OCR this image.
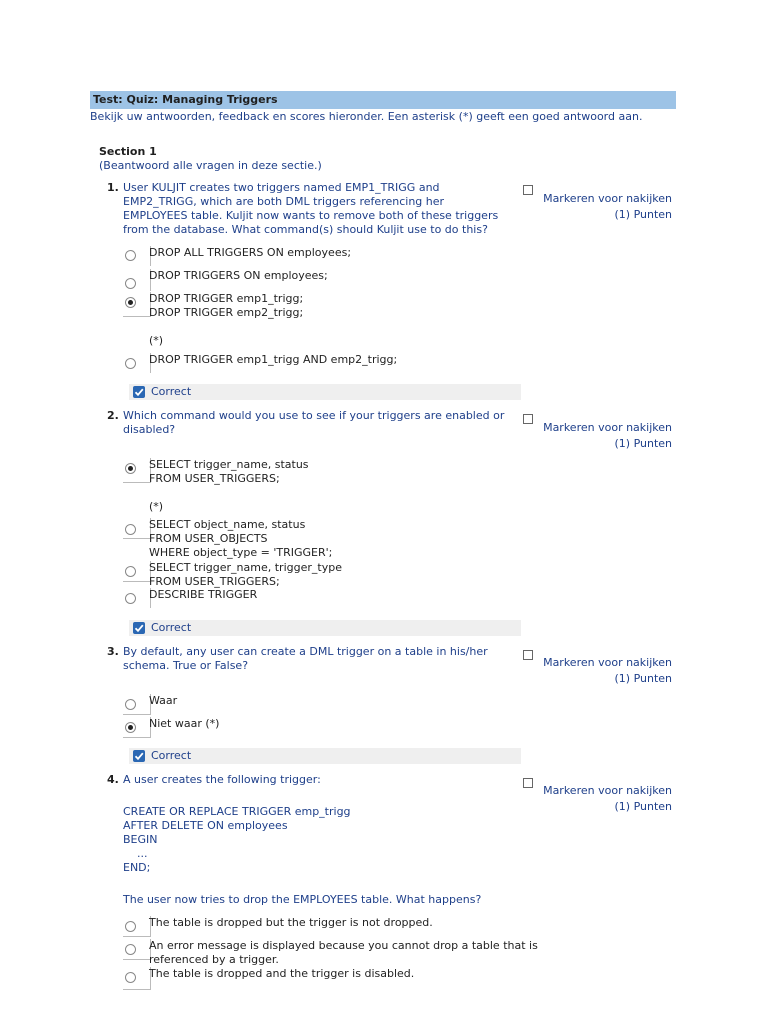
Test: Quiz: Managing Triggers
Bekijk uw antwoorden, feedback en scores hieronder. Een asterisk (*) geeft een goed antwoord aan.
Section 1
(Beantwoord alle vragen in deze sectie.)
1. User KULJIT creates two triggers named EMP1_TRIGG and EMP2_TRIGG, which are both DML triggers referencing her EMPLOYEES table. Kuljit now wants to remove both of these triggers from the database. What command(s) should Kuljit use to do this?
Markeren voor nakijken
(1) Punten
DROP ALL TRIGGERS ON employees;
DROP TRIGGERS ON employees;
DROP TRIGGER emp1_trigg;
DROP TRIGGER emp2_trigg;

(*)
DROP TRIGGER emp1_trigg AND emp2_trigg;
Correct
2. Which command would you use to see if your triggers are enabled or disabled?	Markeren voor nakijken
(1) Punten
SELECT trigger_name, status
FROM USER_TRIGGERS;

(*)
SELECT object_name, status
FROM USER_OBJECTS
WHERE object_type = 'TRIGGER';
SELECT trigger_name, trigger_type
FROM USER_TRIGGERS;
DESCRIBE TRIGGER
Correct
3. By default, any user can create a DML trigger on a table in his/her schema. True or False?	Markeren voor nakijken
(1) Punten
Waar
Niet waar (*)
Correct
4. A user creates the following trigger:
Markeren voor nakijken
(1) Punten
CREATE OR REPLACE TRIGGER emp_trigg
AFTER DELETE ON employees
BEGIN
...
END;
The user now tries to drop the EMPLOYEES table. What happens?
The table is dropped but the trigger is not dropped.
An error message is displayed because you cannot drop a table that is
referenced by a trigger.
The table is dropped and the trigger is disabled.
